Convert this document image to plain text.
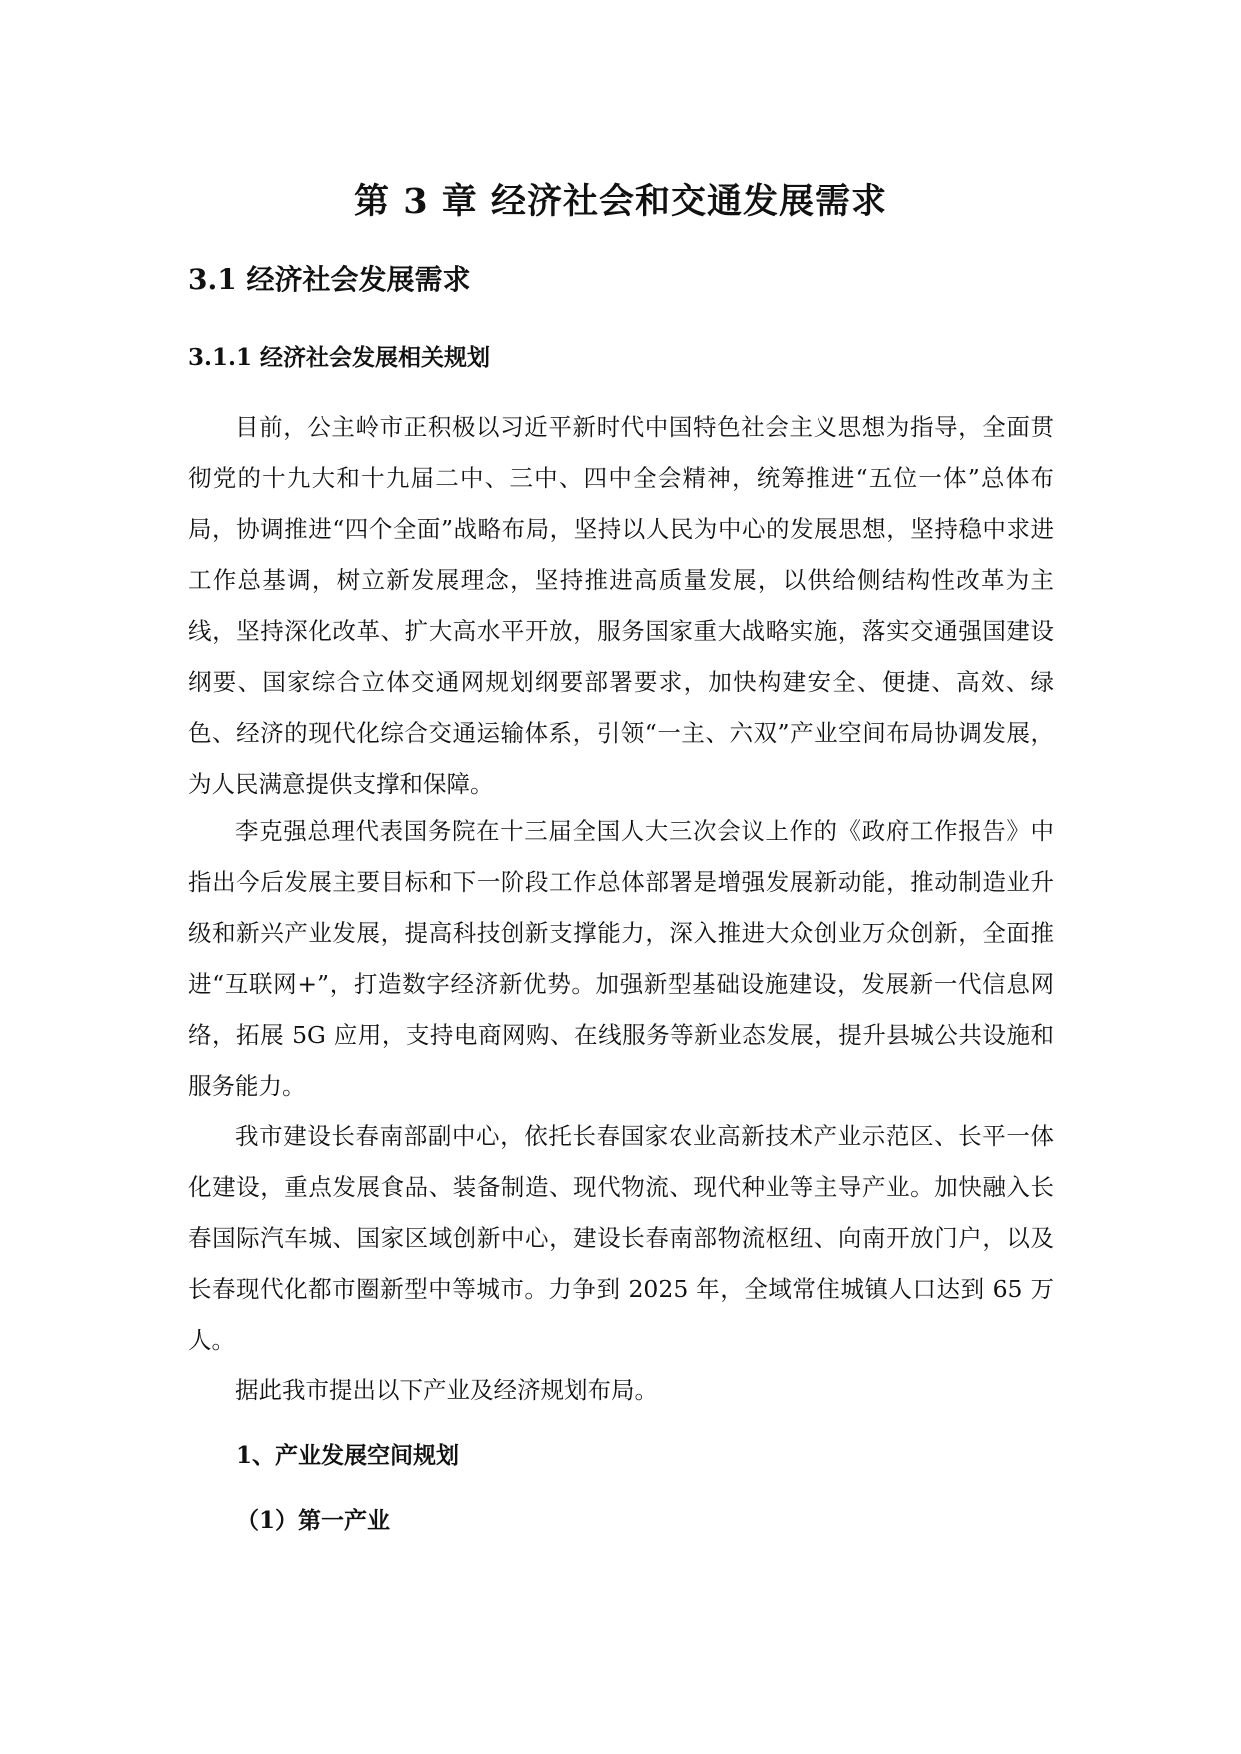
第 3 章 经济社会和交通发展需求
3.1 经济社会发展需求
3.1.1 经济社会发展相关规划

目前，公主岭市正积极以习近平新时代中国特色社会主义思想为指导，全面贯彻党的十九大和十九届二中、三中、四中全会精神，统筹推进“五位一体”总体布局，协调推进“四个全面”战略布局，坚持以人民为中心的发展思想，坚持稳中求进工作总基调，树立新发展理念，坚持推进高质量发展，以供给侧结构性改革为主线，坚持深化改革、扩大高水平开放，服务国家重大战略实施，落实交通强国建设纲要、国家综合立体交通网规划纲要部署要求，加快构建安全、便捷、高效、绿色、经济的现代化综合交通运输体系，引领“一主、六双”产业空间布局协调发展，为人民满意提供支撑和保障。

李克强总理代表国务院在十三届全国人大三次会议上作的《政府工作报告》中指出今后发展主要目标和下一阶段工作总体部署是增强发展新动能，推动制造业升级和新兴产业发展，提高科技创新支撑能力，深入推进大众创业万众创新，全面推进“互联网+”，打造数字经济新优势。加强新型基础设施建设，发展新一代信息网络，拓展 5G 应用，支持电商网购、在线服务等新业态发展，提升县城公共设施和服务能力。

我市建设长春南部副中心，依托长春国家农业高新技术产业示范区、长平一体化建设，重点发展食品、装备制造、现代物流、现代种业等主导产业。加快融入长春国际汽车城、国家区域创新中心，建设长春南部物流枢纽、向南开放门户，以及长春现代化都市圈新型中等城市。力争到 2025 年，全域常住城镇人口达到 65 万人。

据此我市提出以下产业及经济规划布局。

1、产业发展空间规划
（1）第一产业
